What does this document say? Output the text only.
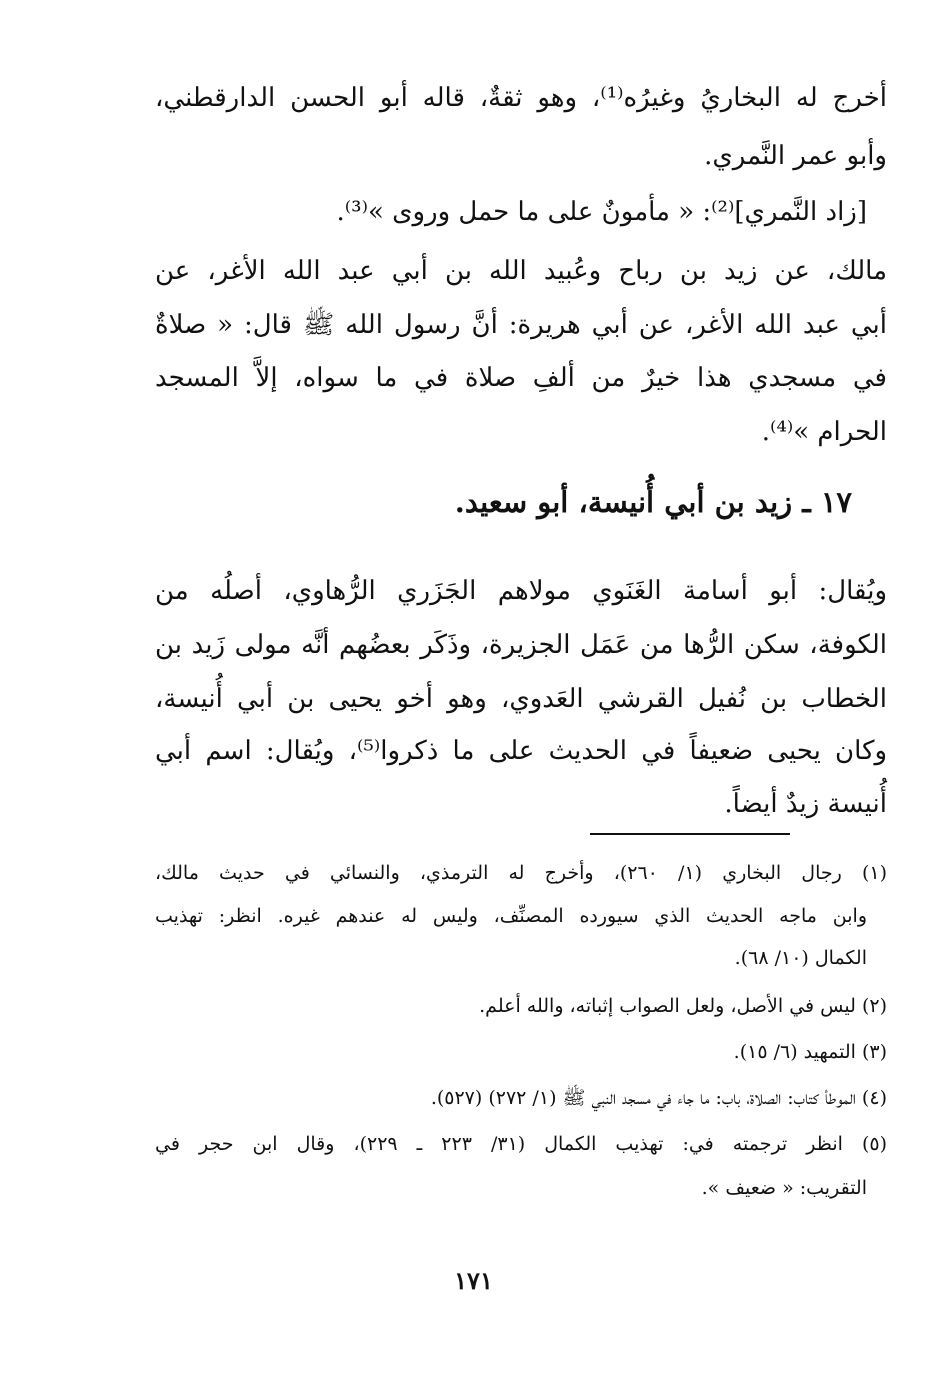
أخرج له البخاريُ وغيرُه⁽¹⁾، وهو ثقةٌ، قاله أبو الحسن الدارقطني،
وأبو عمر النَّمري.
[زاد النَّمري]⁽²⁾: « مأمونٌ على ما حمل وروى »⁽³⁾.
مالك، عن زيد بن رباح وعُبيد الله بن أبي عبد الله الأغر، عن
أبي عبد الله الأغر، عن أبي هريرة: أنَّ رسول الله ﷺ قال: « صلاةٌ
في مسجدي هذا خيرٌ من ألفِ صلاة في ما سواه، إلاَّ المسجد
الحرام »⁽⁴⁾.
١٧ ـ زيد بن أبي أُنيسة، أبو سعيد.
ويُقال: أبو أسامة الغَنَوي مولاهم الجَزَري الرُّهاوي، أصلُه من
الكوفة، سكن الرُّها من عَمَل الجزيرة، وذَكَر بعضُهم أنَّه مولى زَيد بن
الخطاب بن نُفيل القرشي العَدوي، وهو أخو يحيى بن أبي أُنيسة،
وكان يحيى ضعيفاً في الحديث على ما ذكروا⁽⁵⁾، ويُقال: اسم أبي
أُنيسة زيدٌ أيضاً.
(١) رجال البخاري (١/ ٢٦٠)، وأخرج له الترمذي، والنسائي في حديث مالك،
وابن ماجه الحديث الذي سيورده المصنِّف، وليس له عندهم غيره. انظر: تهذيب
الكمال (١٠/ ٦٨).
(٢) ليس في الأصل، ولعل الصواب إثباته، والله أعلم.
(٣) التمهيد (٦/ ١٥).
(٤) الموطأ كتاب: الصلاة، باب: ما جاء في مسجد النبي ﷺ (١/ ٢٧٢) (٥٢٧).
(٥) انظر ترجمته في: تهذيب الكمال (٣١/ ٢٢٣ ـ ٢٢٩)، وقال ابن حجر في
التقريب: « ضعيف ».
١٧١
